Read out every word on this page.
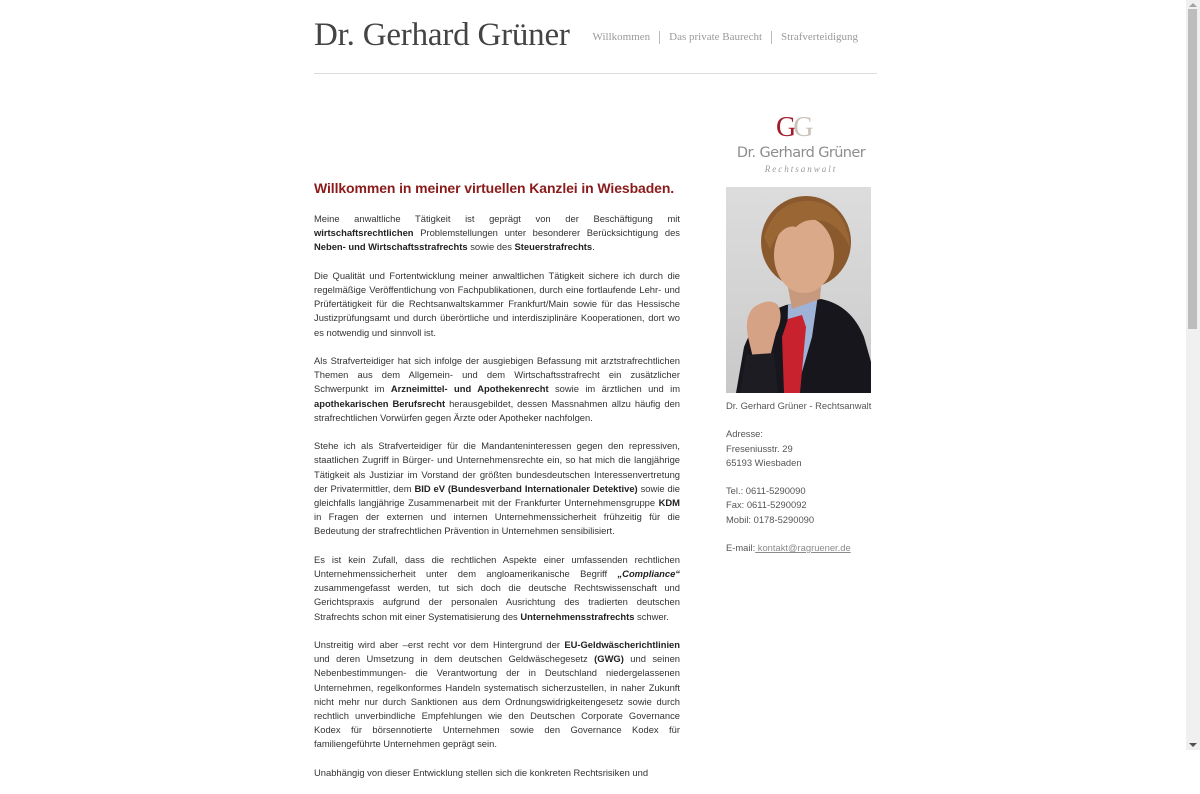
Dr. Gerhard Grüner	Willkommen	Das private Baurecht	Strafverteidigung
Willkommen in meiner virtuellen Kanzlei in Wiesbaden.

Meine anwaltliche Tätigkeit ist geprägt von der Beschäftigung mit wirtschaftsrechtlichen Problemstellungen unter besonderer Berücksichtigung des Neben- und Wirtschaftsstrafrechts sowie des Steuerstrafrechts.

Die Qualität und Fortentwicklung meiner anwaltlichen Tätigkeit sichere ich durch die regelmäßige Veröffentlichung von Fachpublikationen, durch eine fortlaufende Lehr- und Prüfertätigkeit für die Rechtsanwaltskammer Frankfurt/Main sowie für das Hessische Justizprüfungsamt und durch überörtliche und interdisziplinäre Kooperationen, dort wo es notwendig und sinnvoll ist.

Als Strafverteidiger hat sich infolge der ausgiebigen Befassung mit arztstrafrechtlichen Themen aus dem Allgemein- und dem Wirtschaftsstrafrecht ein zusätzlicher Schwerpunkt im Arzneimittel- und Apothekenrecht sowie im ärztlichen und im apothekarischen Berufsrecht herausgebildet, dessen Massnahmen allzu häufig den strafrechtlichen Vorwürfen gegen Ärzte oder Apotheker nachfolgen.

Stehe ich als Strafverteidiger für die Mandanteninteressen gegen den repressiven, staatlichen Zugriff in Bürger- und Unternehmensrechte ein, so hat mich die langjährige Tätigkeit als Justiziar im Vorstand der größten bundesdeutschen Interessenvertretung der Privatermittler, dem BID eV (Bundesverband Internationaler Detektive) sowie die gleichfalls langjährige Zusammenarbeit mit der Frankfurter Unternehmensgruppe KDM in Fragen der externen und internen Unternehmenssicherheit frühzeitig für die Bedeutung der strafrechtlichen Prävention in Unternehmen sensibilisiert.

Es ist kein Zufall, dass die rechtlichen Aspekte einer umfassenden rechtlichen Unternehmenssicherheit unter dem angloamerikanische Begriff „Compliance“ zusammengefasst werden, tut sich doch die deutsche Rechtswissenschaft und Gerichtspraxis aufgrund der personalen Ausrichtung des tradierten deutschen Strafrechts schon mit einer Systematisierung des Unternehmensstrafrechts schwer.

Unstreitig wird aber –erst recht vor dem Hintergrund der EU-Geldwäscherichtlinien und deren Umsetzung in dem deutschen Geldwäschegesetz (GWG) und seinen Nebenbestimmungen- die Verantwortung der in Deutschland niedergelassenen Unternehmen, regelkonformes Handeln systematisch sicherzustellen, in naher Zukunft nicht mehr nur durch Sanktionen aus dem Ordnungswidrigkeitengesetz sowie durch rechtlich unverbindliche Empfehlungen wie den Deutschen Corporate Governance Kodex für börsennotierte Unternehmen sowie den Governance Kodex für familiengeführte Unternehmen geprägt sein.

Unabhängig von dieser Entwicklung stellen sich die konkreten Rechtsrisiken und

GG
Dr. Gerhard Grüner
Rechtsanwalt
Dr. Gerhard Grüner - Rechtsanwalt
Adresse:
Freseniusstr. 29
65193 Wiesbaden
Tel.: 0611-5290090
Fax: 0611-5290092
Mobil: 0178-5290090
E-mail: kontakt@ragruener.de
